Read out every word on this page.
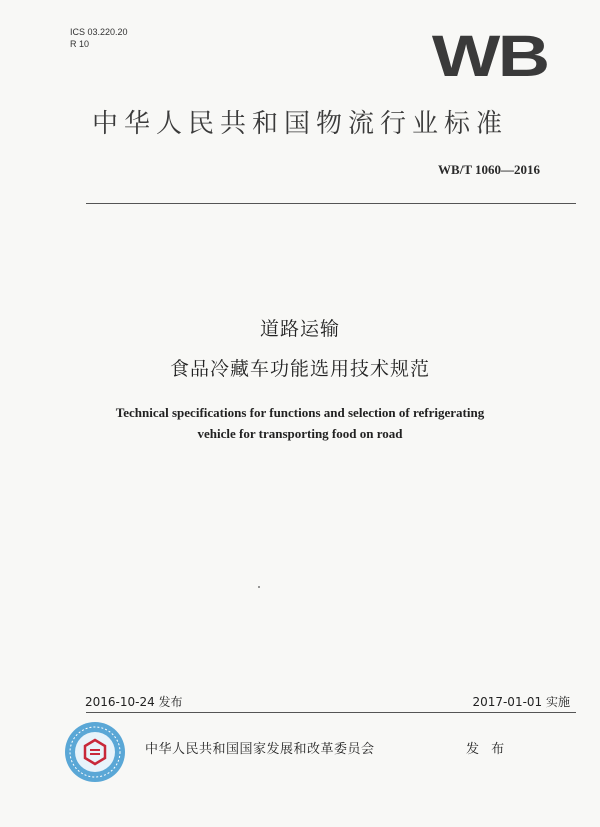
ICS 03.220.20
R 10	WB
中华人民共和国物流行业标准
WB/T 1060—2016
道路运输
食品冷藏车功能选用技术规范
Technical specifications for functions and selection of refrigerating
vehicle for transporting food on road
2016-10-24 发布	2017-01-01 实施
中华人民共和国国家发展和改革委员会	发 布
